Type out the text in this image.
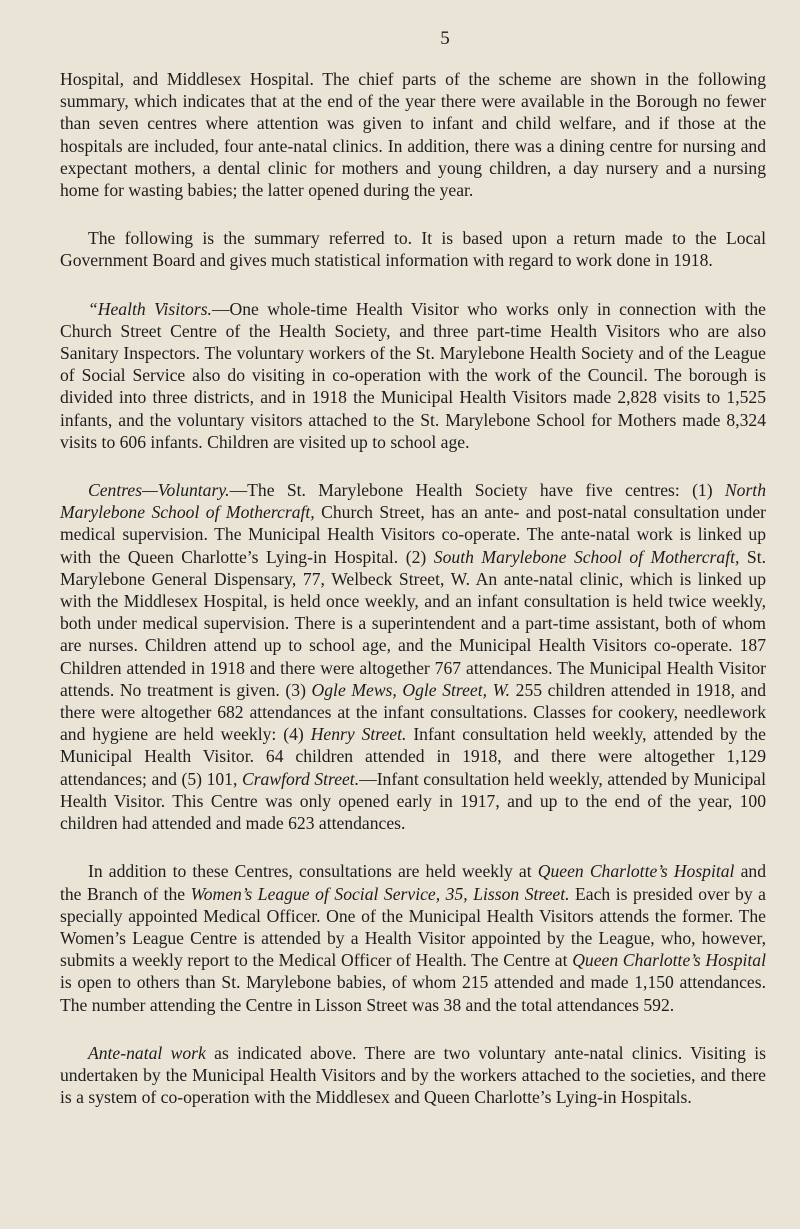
5

Hospital, and Middlesex Hospital. The chief parts of the scheme are shown in the following summary, which indicates that at the end of the year there were available in the Borough no fewer than seven centres where attention was given to infant and child welfare, and if those at the hospitals are included, four ante-natal clinics. In addition, there was a dining centre for nursing and expectant mothers, a dental clinic for mothers and young children, a day nursery and a nursing home for wasting babies; the latter opened during the year.

The following is the summary referred to. It is based upon a return made to the Local Government Board and gives much statistical information with regard to work done in 1918.

“Health Visitors.—One whole-time Health Visitor who works only in connection with the Church Street Centre of the Health Society, and three part-time Health Visitors who are also Sanitary Inspectors. The voluntary workers of the St. Marylebone Health Society and of the League of Social Service also do visiting in co-operation with the work of the Council. The borough is divided into three districts, and in 1918 the Municipal Health Visitors made 2,828 visits to 1,525 infants, and the voluntary visitors attached to the St. Marylebone School for Mothers made 8,324 visits to 606 infants. Children are visited up to school age.

Centres—Voluntary.—The St. Marylebone Health Society have five centres: (1) North Marylebone School of Mothercraft, Church Street, has an ante- and post-natal consultation under medical supervision. The Municipal Health Visitors co-operate. The ante-natal work is linked up with the Queen Charlotte’s Lying-in Hospital. (2) South Marylebone School of Mothercraft, St. Marylebone General Dispensary, 77, Welbeck Street, W. An ante-natal clinic, which is linked up with the Middlesex Hospital, is held once weekly, and an infant consultation is held twice weekly, both under medical supervision. There is a superintendent and a part-time assistant, both of whom are nurses. Children attend up to school age, and the Municipal Health Visitors co-operate. 187 Children attended in 1918 and there were altogether 767 attendances. The Municipal Health Visitor attends. No treatment is given. (3) Ogle Mews, Ogle Street, W. 255 children attended in 1918, and there were altogether 682 attendances at the infant consultations. Classes for cookery, needlework and hygiene are held weekly: (4) Henry Street. Infant consultation held weekly, attended by the Municipal Health Visitor. 64 children attended in 1918, and there were altogether 1,129 attendances; and (5) 101, Crawford Street.—Infant consultation held weekly, attended by Municipal Health Visitor. This Centre was only opened early in 1917, and up to the end of the year, 100 children had attended and made 623 attendances.

In addition to these Centres, consultations are held weekly at Queen Charlotte’s Hospital and the Branch of the Women’s League of Social Service, 35, Lisson Street. Each is presided over by a specially appointed Medical Officer. One of the Municipal Health Visitors attends the former. The Women’s League Centre is attended by a Health Visitor appointed by the League, who, however, submits a weekly report to the Medical Officer of Health. The Centre at Queen Charlotte’s Hospital is open to others than St. Marylebone babies, of whom 215 attended and made 1,150 attendances. The number attending the Centre in Lisson Street was 38 and the total attendances 592.

Ante-natal work as indicated above. There are two voluntary ante-natal clinics. Visiting is undertaken by the Municipal Health Visitors and by the workers attached to the societies, and there is a system of co-operation with the Middlesex and Queen Charlotte’s Lying-in Hospitals.
